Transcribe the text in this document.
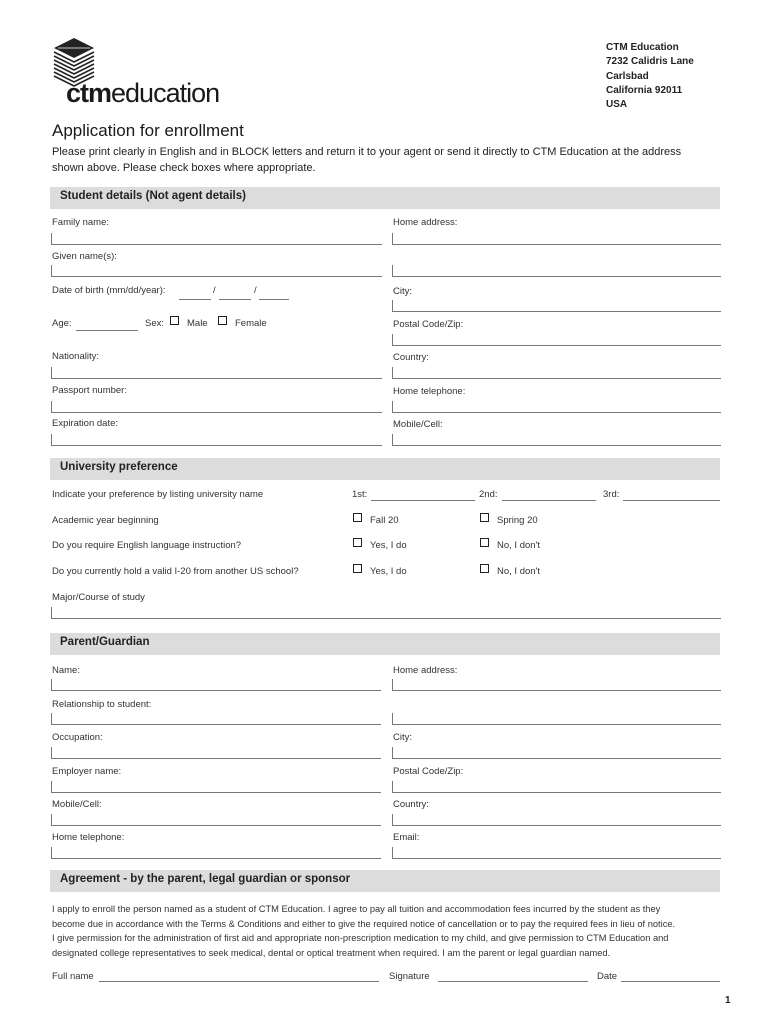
ctmeducation
CTM Education
7232 Calidris Lane
Carlsbad
California 92011
USA
Application for enrollment
Please print clearly in English and in BLOCK letters and return it to your agent or send it directly to CTM Education at the address
shown above. Please check boxes where appropriate.
Student details (Not agent details)
Family name:
Given name(s):
Date of birth (mm/dd/year):	/	/
Age:	Sex: Male	Female
Nationality:
Passport number:
Expiration date:
Home address:
City:
Postal Code/Zip:
Country:
Home telephone:
Mobile/Cell:
University preference
Indicate your preference by listing university name	1st:	2nd:	3rd:
Academic year beginning	Fall 20	Spring 20
Do you require English language instruction?	Yes, I do	No, I don't
Do you currently hold a valid I-20 from another US school?	Yes, I do	No, I don't
Major/Course of study
Parent/Guardian
Name:
Relationship to student:
Occupation:
Employer name:
Mobile/Cell:
Home telephone:
Home address:
City:
Postal Code/Zip:
Country:
Email:
Agreement - by the parent, legal guardian or sponsor
I apply to enroll the person named as a student of CTM Education. I agree to pay all tuition and accommodation fees incurred by the student as they
become due in accordance with the Terms & Conditions and either to give the required notice of cancellation or to pay the required fees in lieu of notice.
I give permission for the administration of first aid and appropriate non-prescription medication to my child, and give permission to CTM Education and
designated college representatives to seek medical, dental or optical treatment when required. I am the parent or legal guardian named.
Full name	Signature	Date
1
